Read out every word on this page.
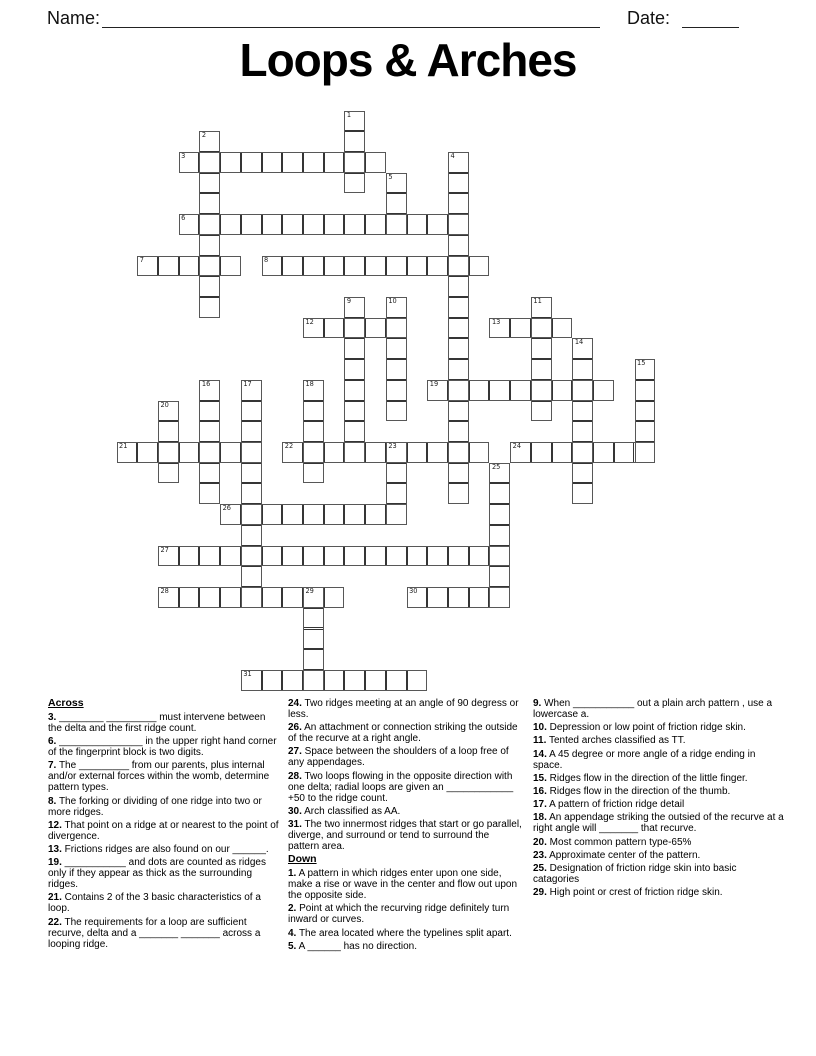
Name:	Date:
Loops & Arches
3
6
7	8
12	13
19
21	22	23	24
26
27
28	29	30
31
1
2
4
5
9	10	11
14
15
16	17	18
20
25
Across
3. ________ _________ must intervene between the delta and the first ridge count.
6. _______________ in the upper right hand corner of the fingerprint block is two digits.
7. The _________ from our parents, plus internal and/or external forces within the womb, determine pattern types.
8. The forking or dividing of one ridge into two or more ridges.
12. That point on a ridge at or nearest to the point of divergence.
13. Frictions ridges are also found on our ______.
19. ___________ and dots are counted as ridges only if they appear as thick as the surrounding ridges.
21. Contains 2 of the 3 basic characteristics of a loop.
22. The requirements for a loop are sufficient recurve, delta and a _______ _______ across a looping ridge.
24. Two ridges meeting at an angle of 90 degress or less.
26. An attachment or connection striking the outside of the recurve at a right angle.
27. Space between the shoulders of a loop free of any appendages.
28. Two loops flowing in the opposite direction with one delta; radial loops are given an ____________ +50 to the ridge count.
30. Arch classified as AA.
31. The two innermost ridges that start or go parallel, diverge, and surround or tend to surround the pattern area.
Down
1. A pattern in which ridges enter upon one side, make a rise or wave in the center and flow out upon the opposite side.
2. Point at which the recurving ridge definitely turn inward or curves.
4. The area located where the typelines split apart.
5. A ______ has no direction.
9. When ___________ out a plain arch pattern , use a lowercase a.
10. Depression or low point of friction ridge skin.
11. Tented arches classified as TT.
14. A 45 degree or more angle of a ridge ending in space.
15. Ridges flow in the direction of the little finger.
16. Ridges flow in the direction of the thumb.
17. A pattern of friction ridge detail
18. An appendage striking the outsied of the recurve at a right angle will _______ that recurve.
20. Most common pattern type-65%
23. Approximate center of the pattern.
25. Designation of friction ridge skin into basic catagories
29. High point or crest of friction ridge skin.
